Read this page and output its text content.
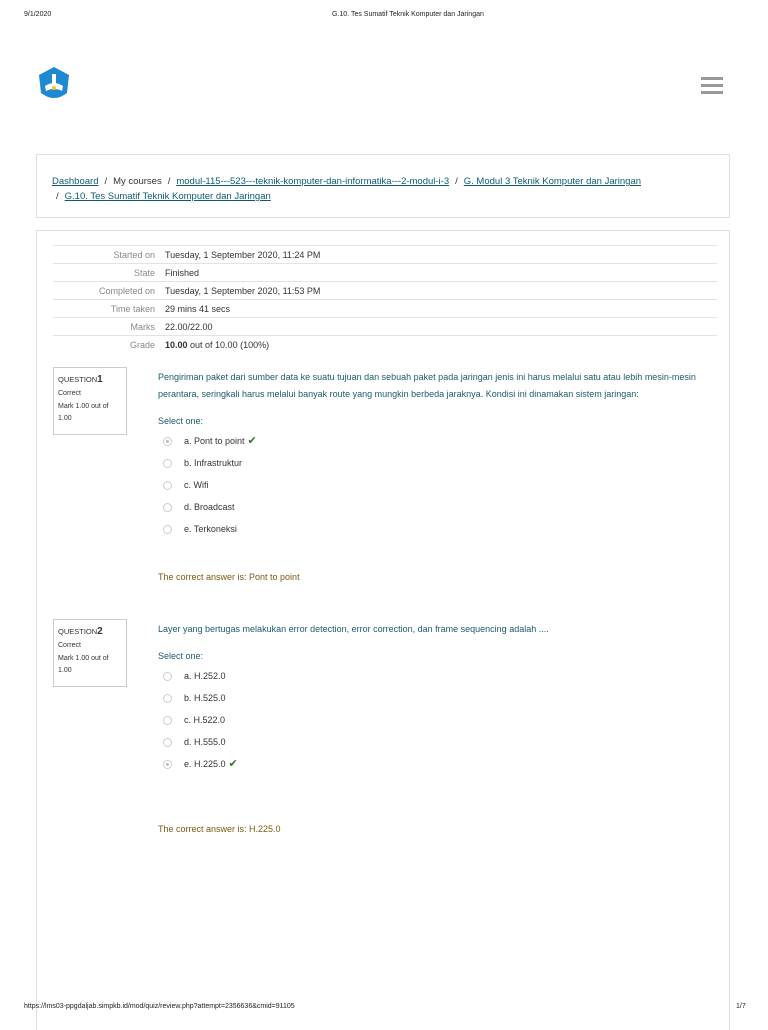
9/1/2020	G.10. Tes Sumatif Teknik Komputer dan Jaringan
Dashboard / My courses / modul-115---523---teknik-komputer-dan-informatika---2-modul-i-3 / G. Modul 3 Teknik Komputer dan Jaringan
/ G.10. Tes Sumatif Teknik Komputer dan Jaringan
Started on	Tuesday, 1 September 2020, 11:24 PM
State	Finished
Completed on	Tuesday, 1 September 2020, 11:53 PM
Time taken	29 mins 41 secs
Marks	22.00/22.00
Grade	10.00 out of 10.00 (100%)
QUESTION1
Correct
Mark 1.00 out of 1.00
Pengiriman paket dari sumber data ke suatu tujuan dan sebuah paket pada jaringan jenis ini harus melalui satu atau lebih mesin-mesin perantara, seringkali harus melalui banyak route yang mungkin berbeda jaraknya. Kondisi ini dinamakan sistem jaringan:
Select one:
a. Pont to point ✔
b. Infrastruktur
c. Wifi
d. Broadcast
e. Terkoneksi
The correct answer is: Pont to point
QUESTION2
Correct
Mark 1.00 out of 1.00
Layer yang bertugas melakukan error detection, error correction, dan frame sequencing adalah ....
Select one:
a. H.252.0
b. H.525.0
c. H.522.0
d. H.555.0
e. H.225.0 ✔
The correct answer is: H.225.0
https://lms03-ppgdaljab.simpkb.id/mod/quiz/review.php?attempt=2356636&cmid=91105	1/7
